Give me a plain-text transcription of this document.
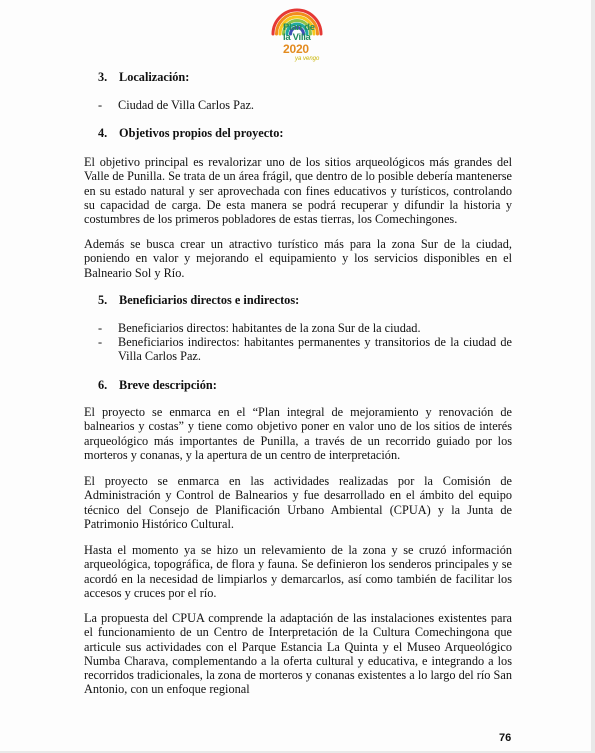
Plan de
la Villa
2020
ya vengo
3. Localización:
- Ciudad de Villa Carlos Paz.
4. Objetivos propios del proyecto:
El objetivo principal es revalorizar uno de los sitios arqueológicos más grandes del Valle de Punilla. Se trata de un área frágil, que dentro de lo posible debería mantenerse en su estado natural y ser aprovechada con fines educativos y turísticos, controlando su capacidad de carga. De esta manera se podrá recuperar y difundir la historia y costumbres de los primeros pobladores de estas tierras, los Comechingones.
Además se busca crear un atractivo turístico más para la zona Sur de la ciudad, poniendo en valor y mejorando el equipamiento y los servicios disponibles en el Balneario Sol y Río.
5. Beneficiarios directos e indirectos:
- Beneficiarios directos: habitantes de la zona Sur de la ciudad.
- Beneficiarios indirectos: habitantes permanentes y transitorios de la ciudad de Villa Carlos Paz.
6. Breve descripción:
El proyecto se enmarca en el “Plan integral de mejoramiento y renovación de balnearios y costas” y tiene como objetivo poner en valor uno de los sitios de interés arqueológico más importantes de Punilla, a través de un recorrido guiado por los morteros y conanas, y la apertura de un centro de interpretación.
El proyecto se enmarca en las actividades realizadas por la Comisión de Administración y Control de Balnearios y fue desarrollado en el ámbito del equipo técnico del Consejo de Planificación Urbano Ambiental (CPUA) y la Junta de Patrimonio Histórico Cultural.
Hasta el momento ya se hizo un relevamiento de la zona y se cruzó información arqueológica, topográfica, de flora y fauna. Se definieron los senderos principales y se acordó en la necesidad de limpiarlos y demarcarlos, así como también de facilitar los accesos y cruces por el río.
La propuesta del CPUA comprende la adaptación de las instalaciones existentes para el funcionamiento de un Centro de Interpretación de la Cultura Comechingona que articule sus actividades con el Parque Estancia La Quinta y el Museo Arqueológico Numba Charava, complementando a la oferta cultural y educativa, e integrando a los recorridos tradicionales, la zona de morteros y conanas existentes a lo largo del río San Antonio, con un enfoque regional
76
